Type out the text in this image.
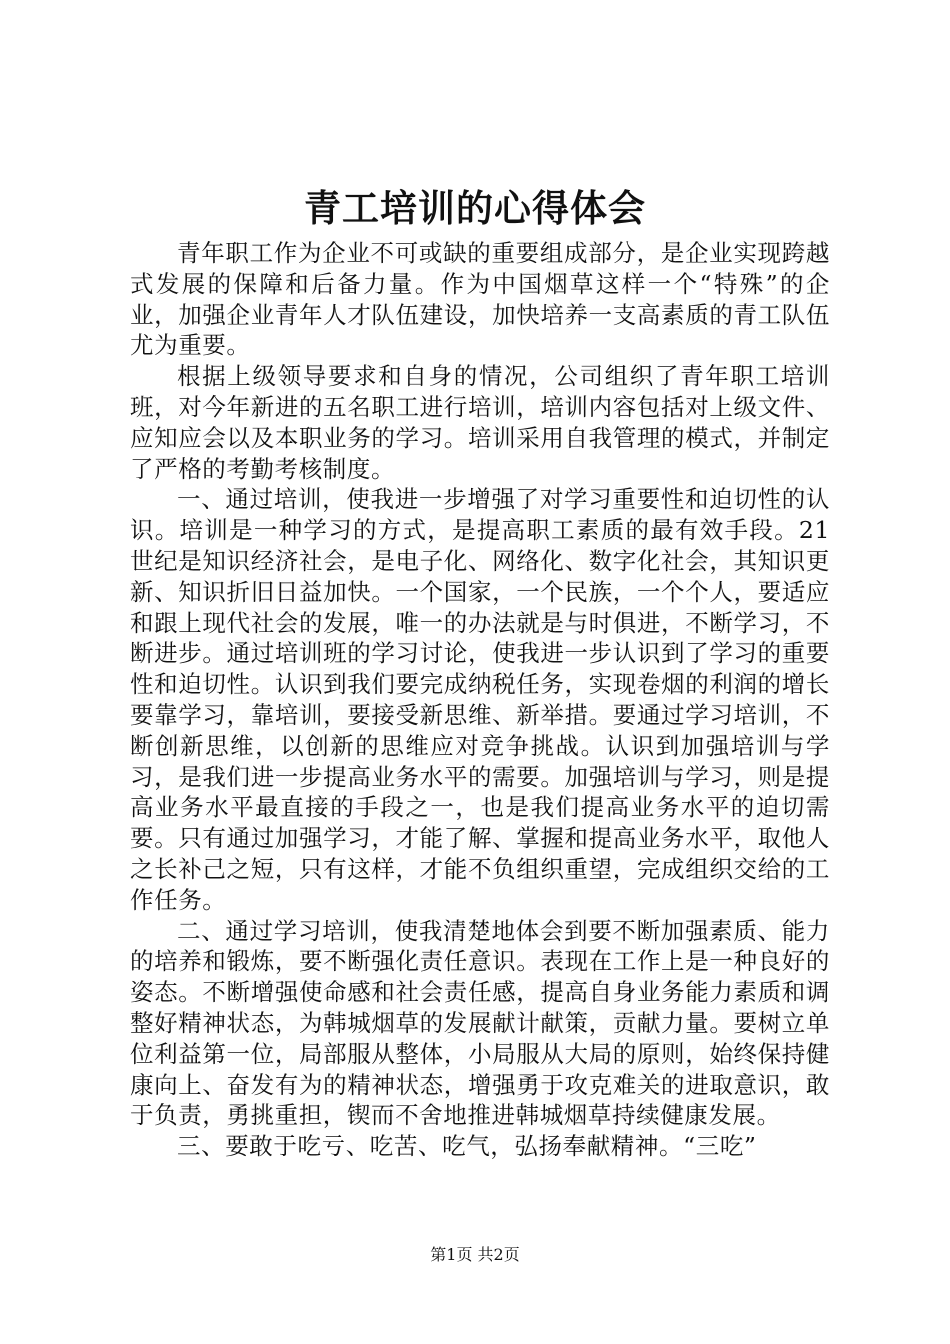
青工培训的心得体会

青年职工作为企业不可或缺的重要组成部分，是企业实现跨越式发展的保障和后备力量。作为中国烟草这样一个“特殊”的企业，加强企业青年人才队伍建设，加快培养一支高素质的青工队伍尤为重要。

根据上级领导要求和自身的情况，公司组织了青年职工培训班，对今年新进的五名职工进行培训，培训内容包括对上级文件、应知应会以及本职业务的学习。培训采用自我管理的模式，并制定了严格的考勤考核制度。

一、通过培训，使我进一步增强了对学习重要性和迫切性的认识。培训是一种学习的方式，是提高职工素质的最有效手段。21世纪是知识经济社会，是电子化、网络化、数字化社会，其知识更新、知识折旧日益加快。一个国家，一个民族，一个个人，要适应和跟上现代社会的发展，唯一的办法就是与时俱进，不断学习，不断进步。通过培训班的学习讨论，使我进一步认识到了学习的重要性和迫切性。认识到我们要完成纳税任务，实现卷烟的利润的增长要靠学习，靠培训，要接受新思维、新举措。要通过学习培训，不断创新思维，以创新的思维应对竞争挑战。认识到加强培训与学习，是我们进一步提高业务水平的需要。加强培训与学习，则是提高业务水平最直接的手段之一，也是我们提高业务水平的迫切需要。只有通过加强学习，才能了解、掌握和提高业务水平，取他人之长补己之短，只有这样，才能不负组织重望，完成组织交给的工作任务。

二、通过学习培训，使我清楚地体会到要不断加强素质、能力的培养和锻炼，要不断强化责任意识。表现在工作上是一种良好的姿态。不断增强使命感和社会责任感，提高自身业务能力素质和调整好精神状态，为韩城烟草的发展献计献策，贡献力量。要树立单位利益第一位，局部服从整体，小局服从大局的原则，始终保持健康向上、奋发有为的精神状态，增强勇于攻克难关的进取意识，敢于负责，勇挑重担，锲而不舍地推进韩城烟草持续健康发展。

三、要敢于吃亏、吃苦、吃气，弘扬奉献精神。“三吃”

第1页 共2页
